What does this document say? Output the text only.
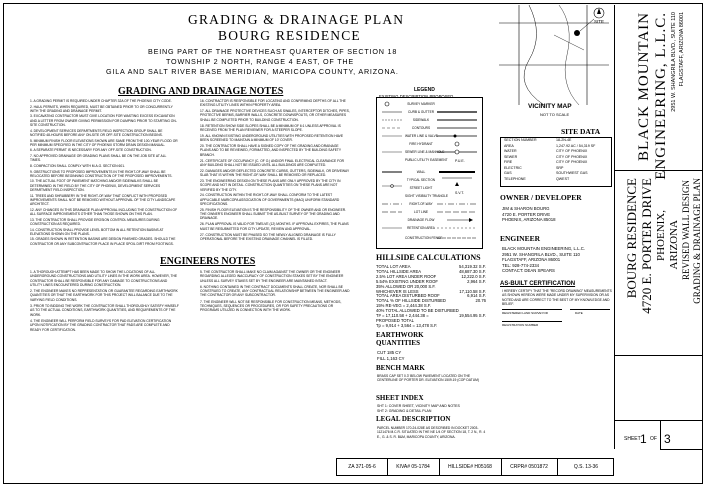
GRADING & DRAINAGE PLAN
BOURG RESIDENCE
BEING PART OF THE NORTHEAST QUARTER OF SECTION 18
TOWNSHIP 2 NORTH, RANGE 4 EAST, OF THE
GILA AND SALT RIVER BASE MERIDIAN, MARICOPA COUNTY, ARIZONA.
GRADING AND DRAINAGE NOTES
1. A GRADING PERMIT IS REQUIRED UNDER CHAPTER 32A OF THE PHOENIX CITY CODE.
2. HAUL PERMITS, WHEN REQUIRED, MUST BE OBTAINED PRIOR TO OR CONCURRENTLY WITH THE GRADING AND DRAINAGE PERMIT.
3. EXCAVATING CONTRACTOR MUST GIVE LOCATION FOR WASTING EXCESS EXCAVATION AND A LETTER FROM OWNER GIVING PERMISSION FOR DUMPING PRIOR TO STARTING ON-SITE CONSTRUCTION.
4. DEVELOPMENT SERVICES DEPARTMENTS FIELD INSPECTION GROUP SHALL BE NOTIFIED 48-HOURS BEFORE ANY ON-SITE OR OFF-SITE CONSTRUCTION BEGINS.
5. MINIMUM FINISH FLOOR ELEVATIONS SHOWN ARE SAME FROM THE 100-YEAR FLOOD OR PER MINIMUM SPECIFIED IN THE CITY OF PHOENIX STORM DRAIN DESIGN MANUAL.
6. A SEPARATE PERMIT IS NECESSARY FOR ANY OFF-SITE CONSTRUCTION.
7. NO APPROVED DRAINAGE OR GRADING PLANS SHALL BE ON THE JOB SITE AT ALL TIMES.
8. COMPACTION SHALL COMPLY WITH M.A.G. SECTION 601.
9. OBSTRUCTIONS TO PROPOSED IMPROVEMENTS IN THE RIGHT-OF-WAY SHALL BE RELOCATED BEFORE BEGINNING CONSTRUCTION OF THE PROPOSED IMPROVEMENTS.
10. THE ACTUAL FOOT OF PAVEMENT MATCHING AND/OR SIDEWALKS SHALL BE DETERMINED IN THE FIELD BY THE CITY OF PHOENIX, DEVELOPMENT SERVICES DEPARTMENT FIELD INSPECTION.
11. TREES AND SHRUBBERY IN THE RIGHT-OF-WAY THAT CONFLICT WITH PROPOSED IMPROVEMENTS SHALL NOT BE REMOVED WITHOUT APPROVAL OF THE CITY LANDSCAPE ARCHITECT.
12. ANY CHANGES IN THIS DRAINAGE PLAN APPROVAL INCLUDING THE CONSTRUCTION OF ALL SURFACE IMPROVEMENTS OTHER THAN THOSE SHOWN ON THIS PLAN.
13. THE CONTRACTOR SHALL PROVIDE EROSION CONTROL MEASURES DURING CONSTRUCTION AS REQUIRED.
14. CONSTRUCTION SHALL PROVIDE LEVEL BOTTOM IN ALL RETENTION BASINS AT ELEVATIONS SHOWN ON THE PLANS.
15. GRADES SHOWN IN RETENTION BASINS ARE DESIGN FINISHED GRADES. SHOULD THE CONTRACTOR OR ANY SUBCONTRACTOR PLACE IN PLACE SPOIL DIRT FROM FOOTINGS.
16. CONTRACTOR IS RESPONSIBLE FOR LOCATING AND CONFIRMING DEPTHS OF ALL THE EXISTING UTILITY LINES WITHIN PROPERTY AREA.
17. ALL DRAINAGE PROTECTIVE DEVICES SUCH AS SWALES, INTERCEPTOR DITCHES, PIPES, PROTECTIVE BERMS, BARRIER WALLS, CONCRETE DOWNSPOUTS, OR OTHER MEASURES SHALL BE COMPLETED PRIOR TO BUILDING CONSTRUCTION.
18. RETENTION SHOW SIDE SLOPES SHALL BE A MINIMUM OF 6:1 UNLESS APPROVAL IS RECEIVED FROM THE PLAN REVIEWER FOR A STEEPER SLOPE.
19. ALL KNOWN EXISTING UNDERGROUND UTILITIES WITH PROPOSED RETENTION HAVE BEEN SCREENED TO MAINTAIN A MINIMUM OF 10' COVER.
20. THE CONTRACTOR SHALL HAVE A SIGNED COPY OF THE GRADING AND DRAINAGE PLANS AND TO BE REVIEWED, FORMATTED, AND INSPECTED BY THE BUILDING SAFETY BRANCH.
21. CERTIFICATE OF OCCUPANCY (C. OF O.) AND/OR FINAL ELECTRICAL CLEARANCE FOR ANY BUILDING SHALL NOT BE ISSUED UNTIL ALL BUILDINGS ARE COMPLETED.
22. DAMAGES AND/OR DEFLECTED CONCRETE CURBS, GUTTERS, SIDEWALK, OR DRIVEWAY SLAB THAT IS WITHIN THE RIGHT-OF-WAY SHALL BE REMOVED OR REPLACED.
23. THE ENGINEERING DESIGN ON THESE PLANS ARE ONLY APPROVED BY THE CITY IN SCOPE AND NOT IN DETAIL. CONSTRUCTION QUANTITIES ON THESE PLANS ARE NOT VERIFIED BY THE CITY.
24. CONSTRUCTION WITHIN THE RIGHT-OF-WAY SHALL CONFORM TO THE LATEST APPLICABLE MARICOPA ASSOCIATION OF GOVERNMENTS (MAG) UNIFORM STANDARD SPECIFICATIONS.
25. FINISH FLOOR ELEVATION IS THE RESPONSIBILITY OF THE OWNER AND OR ENGINEER. THE OWNER'S ENGINEER SHALL SUBMIT THE AS-BUILT SURVEY OF THE GRADING AND DRAINAGE.
26. PLAN APPROVAL IS VALID FOR TWELVE (12) MONTHS. IF APPROVAL EXPIRES, THE PLANS MUST BE RESUBMITTED FOR CITY UPDATE, REVIEW AND APPROVAL.
27. CONSTRUCTION MUST BE PHASED SO THE NEWLY ALIGNED DRAINAGE IS FULLY OPERATIONAL BEFORE THE EXISTING DRAINAGE CHANNEL IS FILLED.
ENGINEERS NOTES
1. A THOROUGH ATTEMPT HAS BEEN MADE TO SHOW THE LOCATIONS OF ALL UNDERGROUND CONSTRUCTIONS AND UTILITY LINES IN THE WORK AREA. HOWEVER, THE CONTRACTOR SHALL BE RESPONSIBLE FOR ANY DAMAGE TO CONSTRUCTIONS AND UTILITY LINES ENCOUNTERED DURING CONSTRUCTION.
2. THE ENGINEER MAKES NO REPRESENTATION OR GUARANTEE REGARDING EARTHWORK QUANTITIES OR THAT THE EARTHWORK FOR THIS PROJECT WILL BALANCE DUE TO THE VARYING FIELD CONDITIONS.
3. PRIOR TO BIDDING THE WORK THE CONTRACTOR SHALL THOROUGHLY SATISFY HIMSELF AS TO THE ACTUAL CONDITIONS, EARTHWORK QUANTITIES, AND REQUIREMENTS OF THE WORK.
4. THE ENGINEER WILL PERFORM FIELD SURVEYS FOR PAD ELEVATION CERTIFICATION UPON NOTIFICATION BY THE GRADING CONTRACTOR THAT PADS ARE COMPLETE AND READY FOR CERTIFICATION.
5. THE CONTRACTOR SHALL MAKE NO CLAIM AGAINST THE OWNER OR THE ENGINEER REGARDING ALLEGED INACCURACY OF CONSTRUCTION STAKES SET BY THE ENGINEER UNLESS ALL SURVEY STAKES SET BY THE ENGINEER ARE MAINTAINED INTACT.
6. NOTHING CONTAINED IN THE CONTRACT DOCUMENTS SHALL CREATE, NOR SHALL BE CONSTRUED TO CREATE, ANY CONTRACTUAL RELATIONSHIP BETWEEN THE ENGINEER AND THE CONTRACTOR OR ANY SUBCONTRACTOR.
7. THE ENGINEER WILL NOT BE RESPONSIBLE FOR CONSTRUCTION MEANS, METHODS, TECHNIQUES, SEQUENCES OR PROCEDURES, OR FOR SAFETY PRECAUTIONS OR PROGRAMS UTILIZED IN CONNECTION WITH THE WORK.
LEGEND
EXISTING DESCRIPTION PROPOSED
SURVEY MARKER
CURB & GUTTER
SIDEWALK
CONTOURS
WATER LINE & VALVE
FIRE HYDRANT
SEWER LINE & MANHOLE
PUBLIC UTILITY EASEMENT
WALL
TYPICAL SECTION
STREET LIGHT
SIGHT VISIBILITY TRIANGLE
RIGHT-OF-WAY
LOT LINE
DRAINAGE FLOW
RETENTION AREA
CONSTRUCTION FENCE
P.U.E.
S.V.T.
SITE
VICINITY MAP
NOT TO SCALE
SITE DATA
SECTION NUMBER	18-2N-4E
AREA	1,247.92 AC / 54,319 SF
WATER	CITY OF PHOENIX
SEWER	CITY OF PHOENIX
FIRE	CITY OF PHOENIX
ELECTRIC	SRP
GAS	SOUTHWEST GAS
TELEPHONE	QWEST
OWNER / DEVELOPER
JIM & SHARON BOURG
4720 E. PORTER DRIVE
PHOENIX, ARIZONA 85018
ENGINEER
BLACK MOUNTAIN ENGINEERING, L.L.C.
2951 W. SHANGRILA BLVD., SUITE 110
FLAGSTAFF, ARIZONA 86001
TEL: 928-774-2334
CONTACT: DEAN SPEARS
AS-BUILT CERTIFICATION
I HEREBY CERTIFY THAT THE "RECORD DRAWING" MEASUREMENTS AS SHOWN HEREON WERE MADE UNDER MY SUPERVISION OR AS NOTED AND ARE CORRECT TO THE BEST OF MY KNOWLEDGE AND BELIEF.
REGISTERED LAND SURVEYOR	DATE
REGISTRATION NUMBER
HILLSIDE CALCULATIONS
TOTAL LOT AREA	54,319.32 S.F.
TOTAL HILLSIDE AREA	48,687.30 S.F.
2.5% LOT AREA UNDER ROOF	12,222.0 S.F.
5.54% EXISTING UNDER ROOF	2,964 S.F.
35% ALLOWED OR 20,000 S.F.
WHICHEVER IS LESS	17,110.58 S.F.
TOTAL AREA DISTURBED ROOF	6,914 S.F.
TOTAL % OF HILLSIDE DISTURBED	20.76
15% RE-VEG = 2,444.38 S.F.
40% TOTAL ALLOWED TO BE DISTURBED
T# = 17,110.58 + 2,444.38 =	19,554.95 S.F.
PROPOSED TOTAL
Tp = 9,914 + 3,564 = 13,478 S.F.
EARTHWORK QUANTITIES
CUT 185 CY
FILL 1,163 CY
BENCH MARK
BRASS CAP SET 0.3' BELOW PAVEMENT LOCATED ON THE CENTERLINE OF PORTER DR. ELEVATION 1509.19 (COP DATUM)
SHEET INDEX
SHT 1: COVER SHEET, VICINITY MAP AND NOTES
SHT 2: GRADING & DETAIL PLAN
LEGAL DESCRIPTION
PARCEL NUMBER 170-24-028E AS DESCRIBED IN DOCKET 2003-1121476 M.C.R. SITUATED IN THE NE 1/4 OF SECTION 18, T. 2 N., R. 4 E., G. & S. R. B&M, MARICOPA COUNTY, ARIZONA.
BLACK MOUNTAIN ENGINEERING, L.L.C. 2951 W. SHANGRILA BLVD., SUITE 110 FLAGSTAFF, ARIZONA 86001
BOURG RESIDENCE 4720 E. PORTER DRIVE PHOENIX, ARIZONA REVISED WALL DESIGN GRADING & DRAINAGE PLAN
SHEET 1 OF 3
ZA 371-05-6	KIVA# 05-1784	HILLSIDE# H05168	CRPR# 0501872	Q.S. 13-36
